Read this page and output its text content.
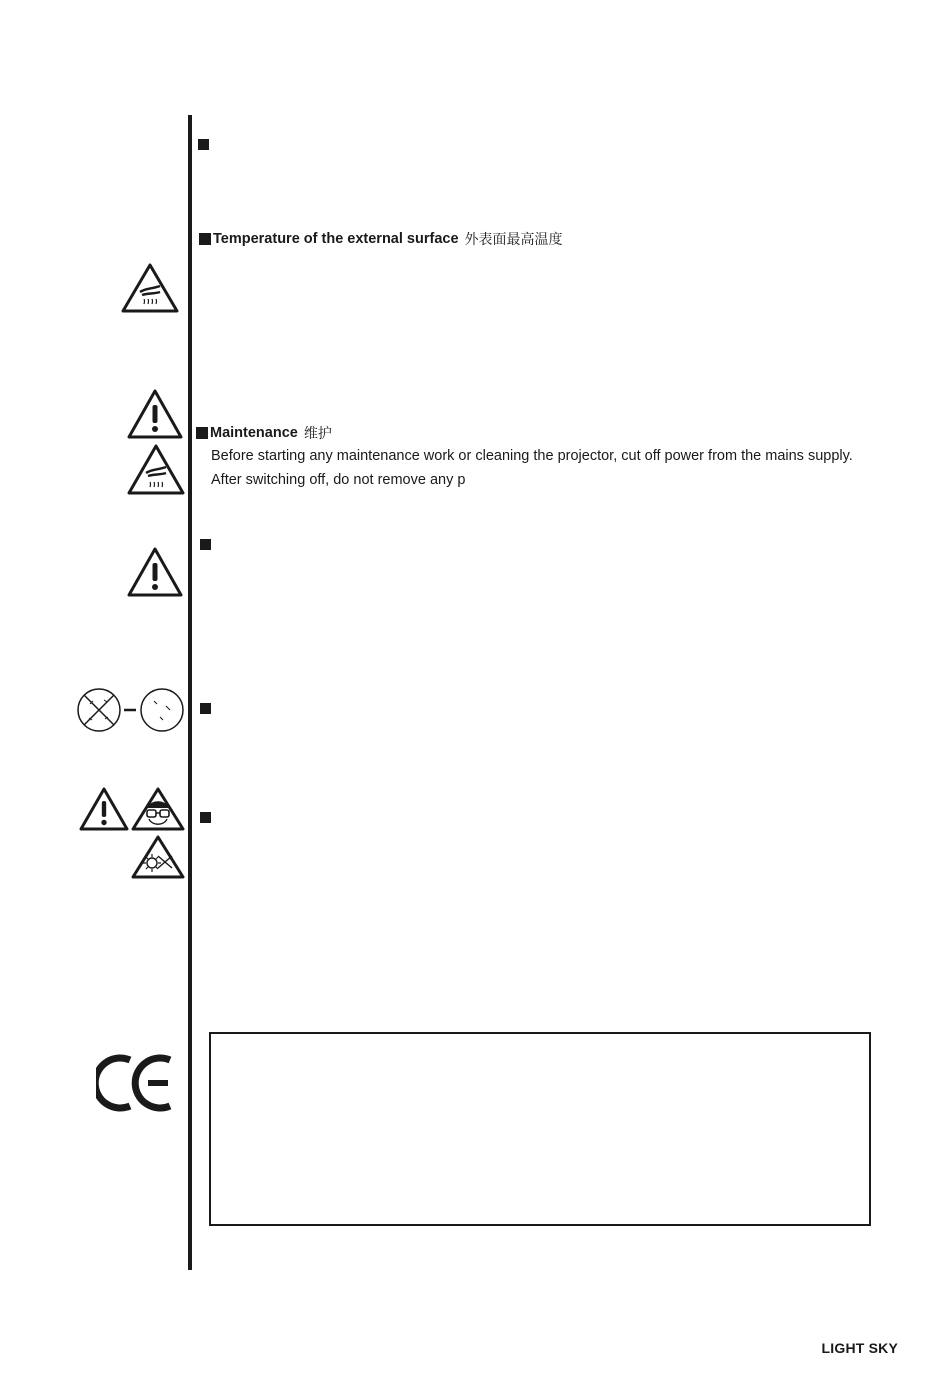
Temperature of the external surface 外表面最高温度
Maintenance 维护
Before starting any maintenance work or cleaning the projector, cut off power from the mains supply.
After switching off, do not remove any p
LIGHT SKY
